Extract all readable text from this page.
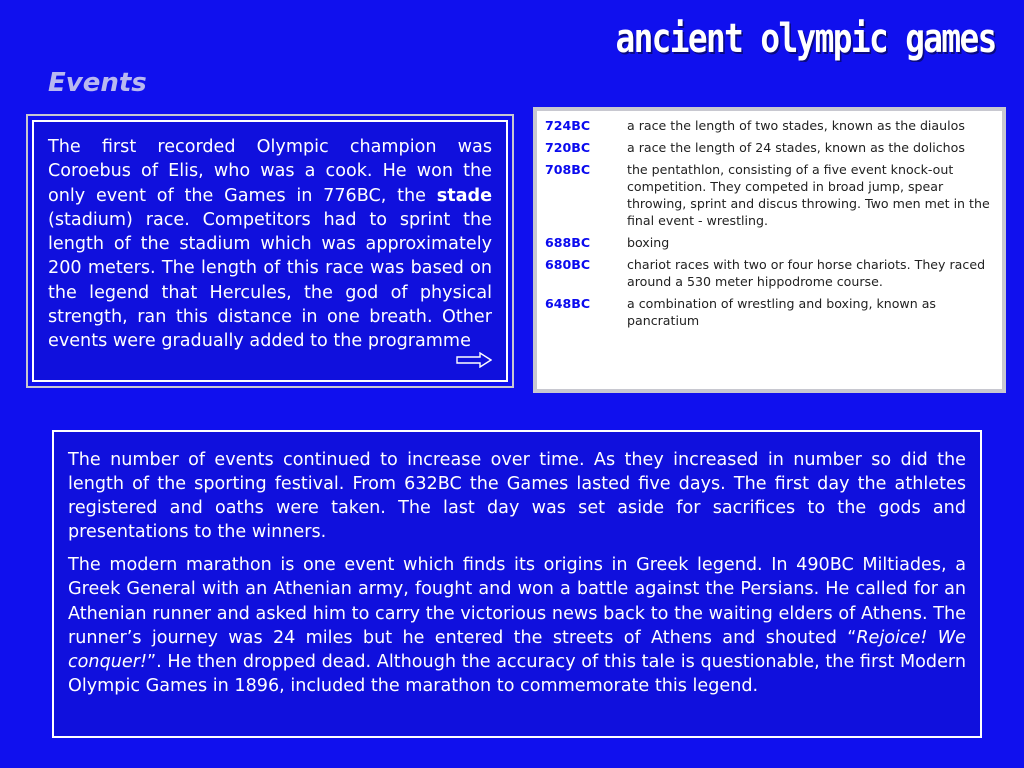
ancient olympic games
Events
The first recorded Olympic champion was Coroebus of Elis, who was a cook. He won the only event of the Games in 776BC, the stade (stadium) race. Competitors had to sprint the length of the stadium which was approximately 200 meters. The length of this race was based on the legend that Hercules, the god of physical strength, ran this distance in one breath. Other events were gradually added to the programme
724BC	a race the length of two stades, known as the diaulos
720BC	a race the length of 24 stades, known as the dolichos
708BC	the pentathlon, consisting of a five event knock-out competition. They competed in broad jump, spear throwing, sprint and discus throwing. Two men met in the final event - wrestling.
688BC	boxing
680BC	chariot races with two or four horse chariots. They raced around a 530 meter hippodrome course.
648BC	a combination of wrestling and boxing, known as pancratium

The number of events continued to increase over time. As they increased in number so did the length of the sporting festival. From 632BC the Games lasted five days. The first day the athletes registered and oaths were taken. The last day was set aside for sacrifices to the gods and presentations to the winners.

The modern marathon is one event which finds its origins in Greek legend. In 490BC Miltiades, a Greek General with an Athenian army, fought and won a battle against the Persians. He called for an Athenian runner and asked him to carry the victorious news back to the waiting elders of Athens. The runner’s journey was 24 miles but he entered the streets of Athens and shouted “Rejoice! We conquer!”. He then dropped dead. Although the accuracy of this tale is questionable, the first Modern Olympic Games in 1896, included the marathon to commemorate this legend.
